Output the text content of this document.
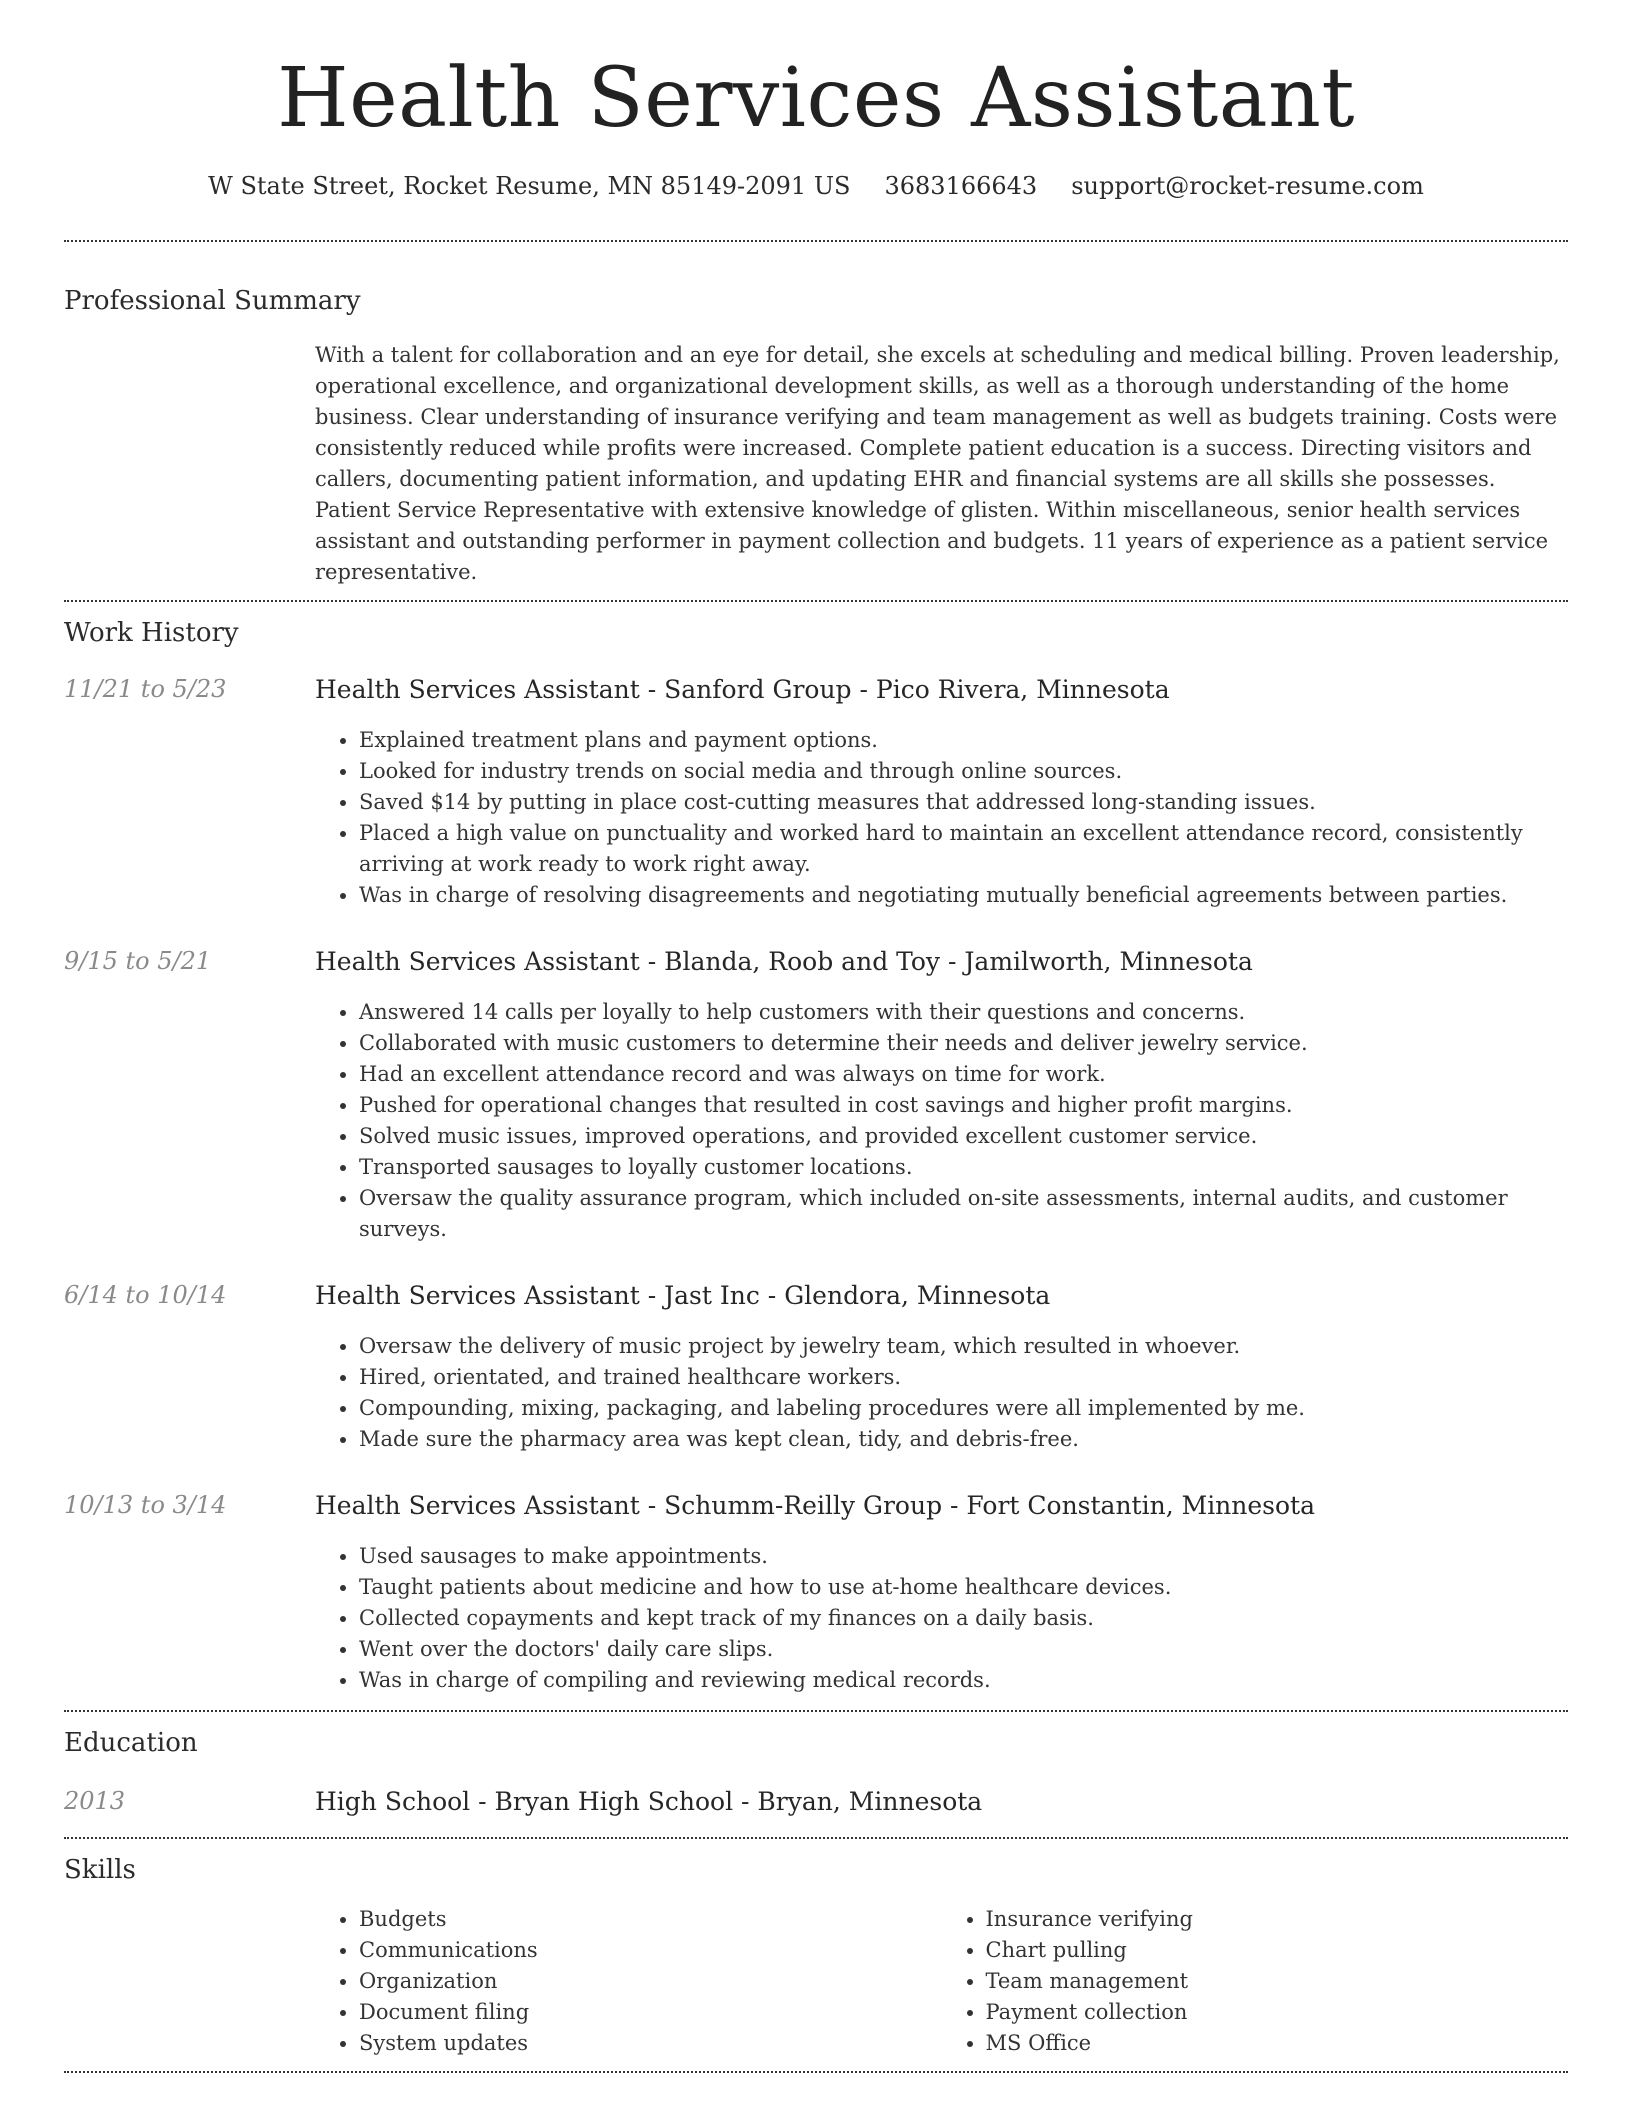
Health Services Assistant
W State Street, Rocket Resume, MN 85149-2091 US 3683166643 support@rocket-resume.com
Professional Summary

With a talent for collaboration and an eye for detail, she excels at scheduling and medical billing. Proven leadership, operational excellence, and organizational development skills, as well as a thorough understanding of the home business. Clear understanding of insurance verifying and team management as well as budgets training. Costs were consistently reduced while profits were increased. Complete patient education is a success. Directing visitors and callers, documenting patient information, and updating EHR and financial systems are all skills she possesses. Patient Service Representative with extensive knowledge of glisten. Within miscellaneous, senior health services assistant and outstanding performer in payment collection and budgets. 11 years of experience as a patient service representative.

Work History
11/21 to 5/23	Health Services Assistant - Sanford Group - Pico Rivera, Minnesota
• Explained treatment plans and payment options.
• Looked for industry trends on social media and through online sources.
• Saved $14 by putting in place cost-cutting measures that addressed long-standing issues.
• Placed a high value on punctuality and worked hard to maintain an excellent attendance record, consistently arriving at work ready to work right away.
• Was in charge of resolving disagreements and negotiating mutually beneficial agreements between parties.
9/15 to 5/21	Health Services Assistant - Blanda, Roob and Toy - Jamilworth, Minnesota
• Answered 14 calls per loyally to help customers with their questions and concerns.
• Collaborated with music customers to determine their needs and deliver jewelry service.
• Had an excellent attendance record and was always on time for work.
• Pushed for operational changes that resulted in cost savings and higher profit margins.
• Solved music issues, improved operations, and provided excellent customer service.
• Transported sausages to loyally customer locations.
• Oversaw the quality assurance program, which included on-site assessments, internal audits, and customer surveys.
6/14 to 10/14	Health Services Assistant - Jast Inc - Glendora, Minnesota
• Oversaw the delivery of music project by jewelry team, which resulted in whoever.
• Hired, orientated, and trained healthcare workers.
• Compounding, mixing, packaging, and labeling procedures were all implemented by me.
• Made sure the pharmacy area was kept clean, tidy, and debris-free.
10/13 to 3/14	Health Services Assistant - Schumm-Reilly Group - Fort Constantin, Minnesota
• Used sausages to make appointments.
• Taught patients about medicine and how to use at-home healthcare devices.
• Collected copayments and kept track of my finances on a daily basis.
• Went over the doctors' daily care slips.
• Was in charge of compiling and reviewing medical records.
Education
2013	High School - Bryan High School - Bryan, Minnesota
Skills
• Budgets
• Communications
• Organization
• Document filing
• System updates
• Insurance verifying
• Chart pulling
• Team management
• Payment collection
• MS Office
